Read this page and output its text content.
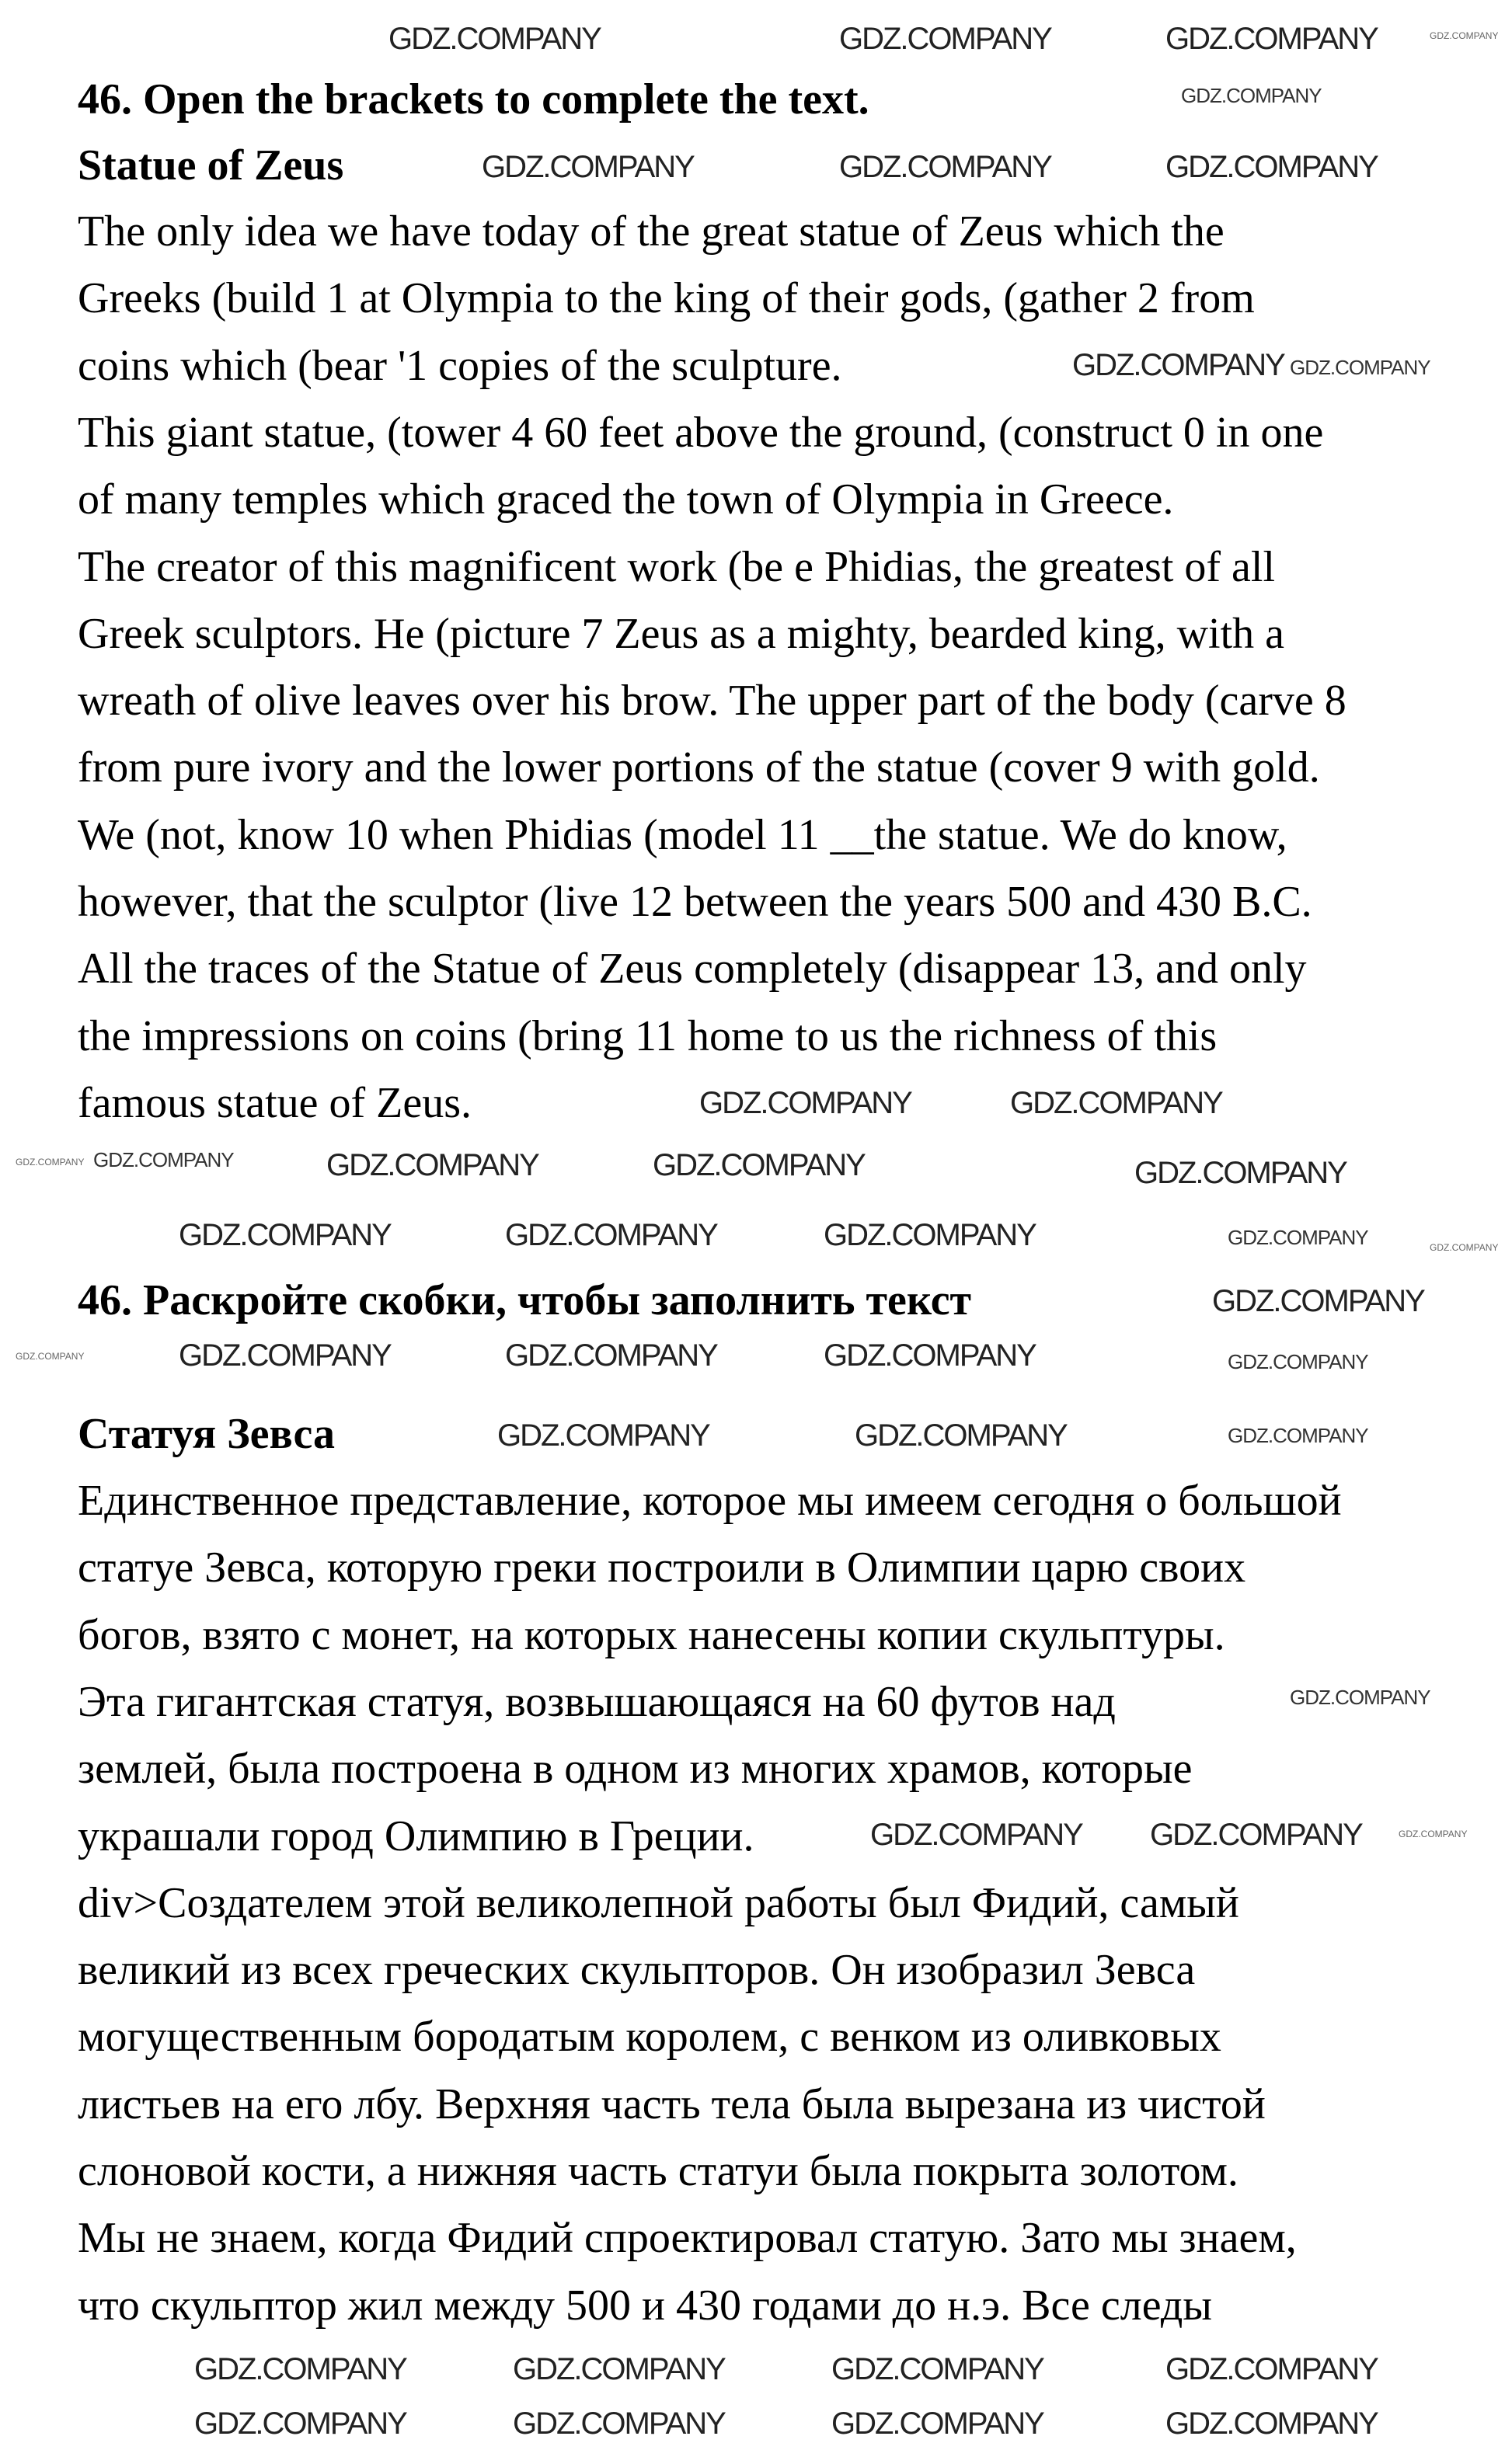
46. Open the brackets to complete the text.
Statue of Zeus
The only idea we have today of the great statue of Zeus which the
Greeks (build 1 at Olympia to the king of their gods, (gather 2 from
coins which (bear '1 copies of the sculpture.
This giant statue, (tower 4 60 feet above the ground, (construct 0 in one
of many temples which graced the town of Olympia in Greece.
The creator of this magnificent work (be e Phidias, the greatest of all
Greek sculptors. He (picture 7 Zeus as a mighty, bearded king, with a
wreath of olive leaves over his brow. The upper part of the body (carve 8
from pure ivory and the lower portions of the statue (cover 9 with gold.
We (not, know 10 when Phidias (model 11 __the statue. We do know,
however, that the sculptor (live 12 between the years 500 and 430 B.C.
All the traces of the Statue of Zeus completely (disappear 13, and only
the impressions on coins (bring 11 home to us the richness of this
famous statue of Zeus.
46. Раскройте скобки, чтобы заполнить текст
Статуя Зевса
Единственное представление, которое мы имеем сегодня о большой
статуе Зевса, которую греки построили в Олимпии царю своих
богов, взято с монет, на которых нанесены копии скульптуры.
Эта гигантская статуя, возвышающаяся на 60 футов над
землей, была построена в одном из многих храмов, которые
украшали город Олимпию в Греции.
div>Создателем этой великолепной работы был Фидий, самый
великий из всех греческих скульпторов. Он изобразил Зевса
могущественным бородатым королем, с венком из оливковых
листьев на его лбу. Верхняя часть тела была вырезана из чистой
слоновой кости, а нижняя часть статуи была покрыта золотом.
Мы не знаем, когда Фидий спроектировал статую. Зато мы знаем,
что скульптор жил между 500 и 430 годами до н.э. Все следы
GDZ.COMPANY	GDZ.COMPANY	GDZ.COMPANY	GDZ.COMPANY
GDZ.COMPANY
GDZ.COMPANY	GDZ.COMPANY	GDZ.COMPANY
GDZ.COMPANY GDZ.COMPANY
GDZ.COMPANY	GDZ.COMPANY
GDZ.COMPANY GDZ.COMPANY	GDZ.COMPANY	GDZ.COMPANY	GDZ.COMPANY
GDZ.COMPANY	GDZ.COMPANY	GDZ.COMPANY	GDZ.COMPANY	GDZ.COMPANY
GDZ.COMPANY
GDZ.COMPANY	GDZ.COMPANY	GDZ.COMPANY	GDZ.COMPANY	GDZ.COMPANY
GDZ.COMPANY	GDZ.COMPANY	GDZ.COMPANY
GDZ.COMPANY
GDZ.COMPANY GDZ.COMPANY	GDZ.COMPANY
GDZ.COMPANY	GDZ.COMPANY	GDZ.COMPANY	GDZ.COMPANY
GDZ.COMPANY	GDZ.COMPANY	GDZ.COMPANY	GDZ.COMPANY
